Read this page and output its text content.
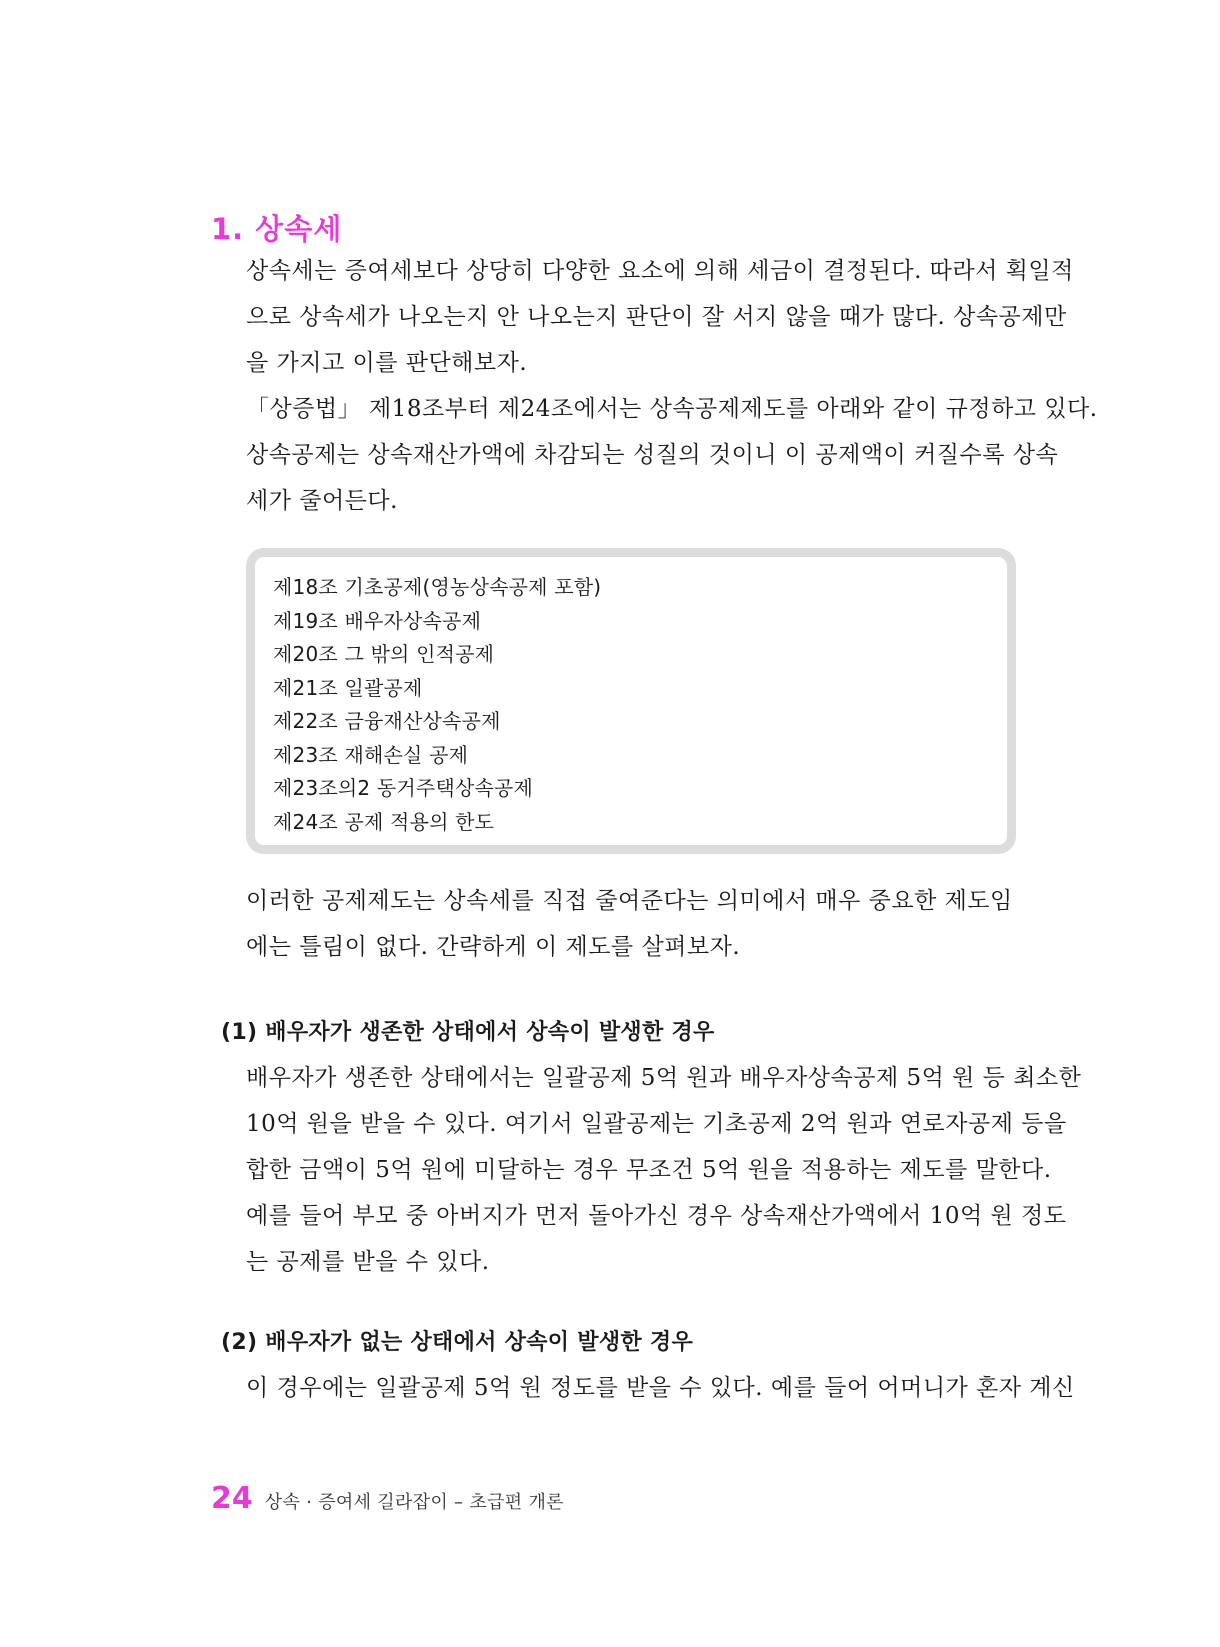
1. 상속세
상속세는 증여세보다 상당히 다양한 요소에 의해 세금이 결정된다. 따라서 획일적
으로 상속세가 나오는지 안 나오는지 판단이 잘 서지 않을 때가 많다. 상속공제만
을 가지고 이를 판단해보자.
「상증법」 제18조부터 제24조에서는 상속공제제도를 아래와 같이 규정하고 있다.
상속공제는 상속재산가액에 차감되는 성질의 것이니 이 공제액이 커질수록 상속
세가 줄어든다.
제18조 기초공제(영농상속공제 포함)
제19조 배우자상속공제
제20조 그 밖의 인적공제
제21조 일괄공제
제22조 금융재산상속공제
제23조 재해손실 공제
제23조의2 동거주택상속공제
제24조 공제 적용의 한도
이러한 공제제도는 상속세를 직접 줄여준다는 의미에서 매우 중요한 제도임
에는 틀림이 없다. 간략하게 이 제도를 살펴보자.
(1) 배우자가 생존한 상태에서 상속이 발생한 경우
배우자가 생존한 상태에서는 일괄공제 5억 원과 배우자상속공제 5억 원 등 최소한
10억 원을 받을 수 있다. 여기서 일괄공제는 기초공제 2억 원과 연로자공제 등을
합한 금액이 5억 원에 미달하는 경우 무조건 5억 원을 적용하는 제도를 말한다.
예를 들어 부모 중 아버지가 먼저 돌아가신 경우 상속재산가액에서 10억 원 정도
는 공제를 받을 수 있다.
(2) 배우자가 없는 상태에서 상속이 발생한 경우
이 경우에는 일괄공제 5억 원 정도를 받을 수 있다. 예를 들어 어머니가 혼자 계신
24 상속 · 증여세 길라잡이 – 초급편 개론
